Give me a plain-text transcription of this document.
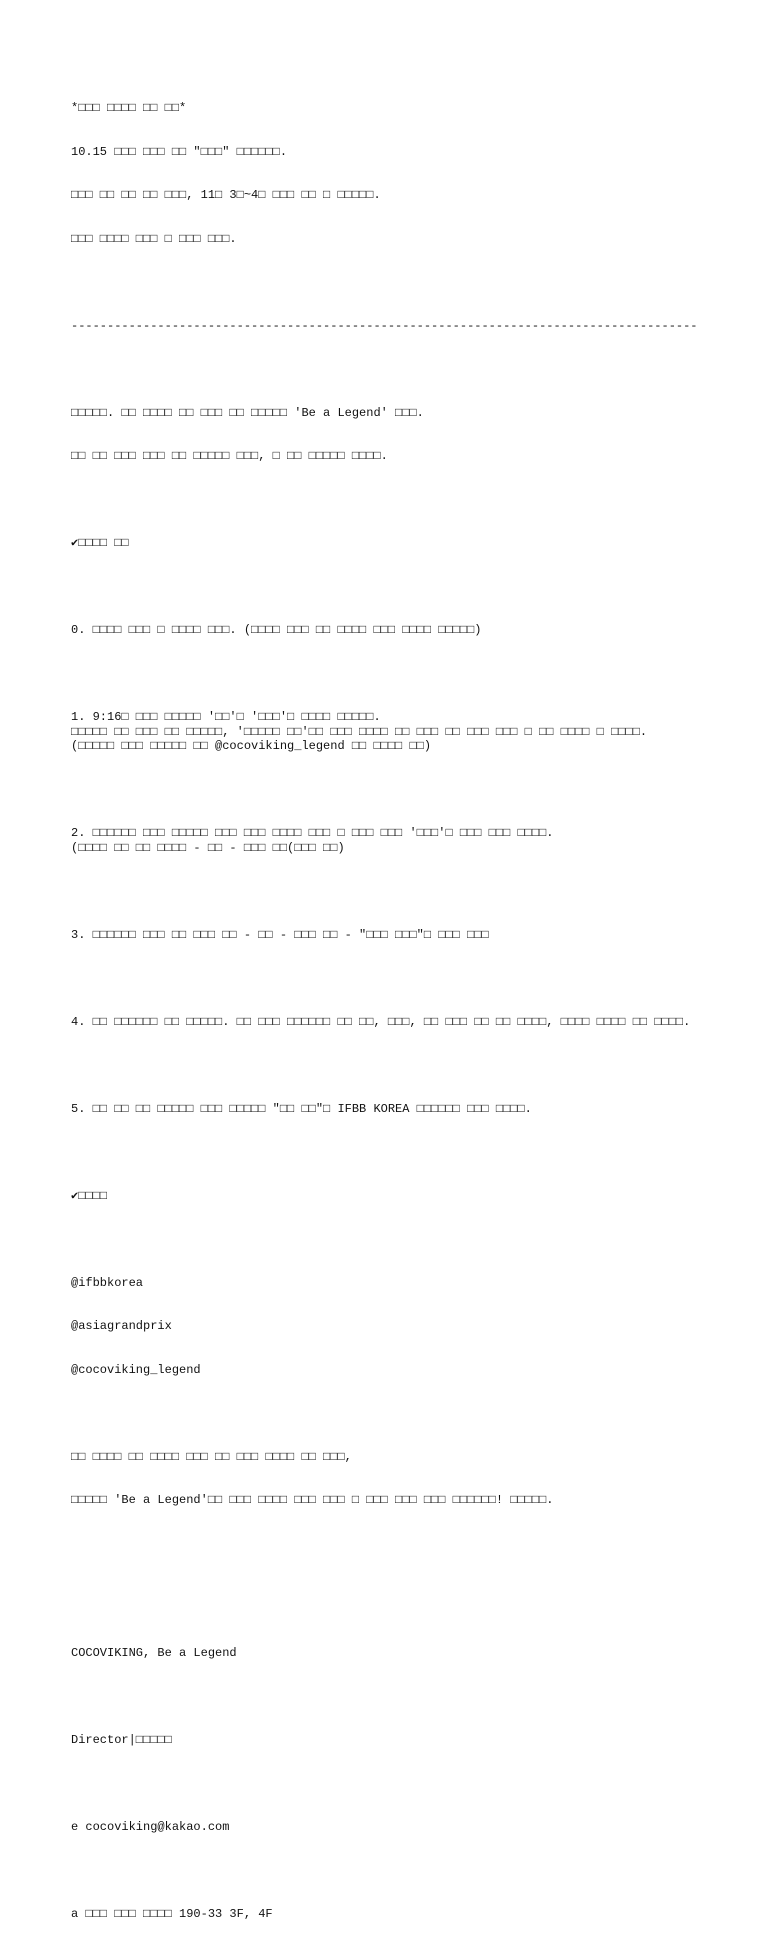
*□□□ □□□□ □□ □□*

10.15 □□□ □□□ □□ "□□□" □□□□□□.

□□□ □□ □□ □□ □□□, 11□ 3□~4□ □□□ □□ □ □□□□□.

□□□ □□□□ □□□ □ □□□ □□□.

---------------------------------------------------------------------------------------

□□□□□. □□ □□□□ □□ □□□ □□ □□□□□ 'Be a Legend' □□□.

□□ □□ □□□ □□□ □□ □□□□□ □□□, □ □□ □□□□□ □□□□.

✔□□□□ □□

0. □□□□ □□□ □ □□□□ □□□. (□□□□ □□□ □□ □□□□ □□□ □□□□ □□□□□)

1. 9:16□ □□□ □□□□□ '□□'□ '□□□'□ □□□□ □□□□□.
□□□□□ □□ □□□ □□ □□□□□, '□□□□□ □□'□□ □□□ □□□□ □□ □□□ □□ □□□ □□□ □ □□ □□□□ □ □□□□.
(□□□□□ □□□ □□□□□ □□ @cocoviking_legend □□ □□□□ □□)

2. □□□□□□ □□□ □□□□□ □□□ □□□ □□□□ □□□ □ □□□ □□□ '□□□'□ □□□ □□□ □□□□.
(□□□□ □□ □□ □□□□ - □□ - □□□ □□(□□□ □□)

3. □□□□□□ □□□ □□ □□□ □□ - □□ - □□□ □□ - "□□□ □□□"□ □□□ □□□

4. □□ □□□□□□ □□ □□□□□. □□ □□□ □□□□□□ □□ □□, □□□, □□ □□□ □□ □□ □□□□, □□□□ □□□□ □□ □□□□.

5. □□ □□ □□ □□□□□ □□□ □□□□□ "□□ □□"□ IFBB KOREA □□□□□□ □□□ □□□□.

✔□□□□

@ifbbkorea

@asiagrandprix

@cocoviking_legend

□□ □□□□ □□ □□□□ □□□ □□ □□□ □□□□ □□ □□□,

□□□□□ 'Be a Legend'□□ □□□ □□□□ □□□ □□□ □ □□□ □□□ □□□ □□□□□□! □□□□□.

COCOVIKING, Be a Legend

Director|□□□□□

e cocoviking@kakao.com

a □□□ □□□ □□□□ 190-33 3F, 4F
